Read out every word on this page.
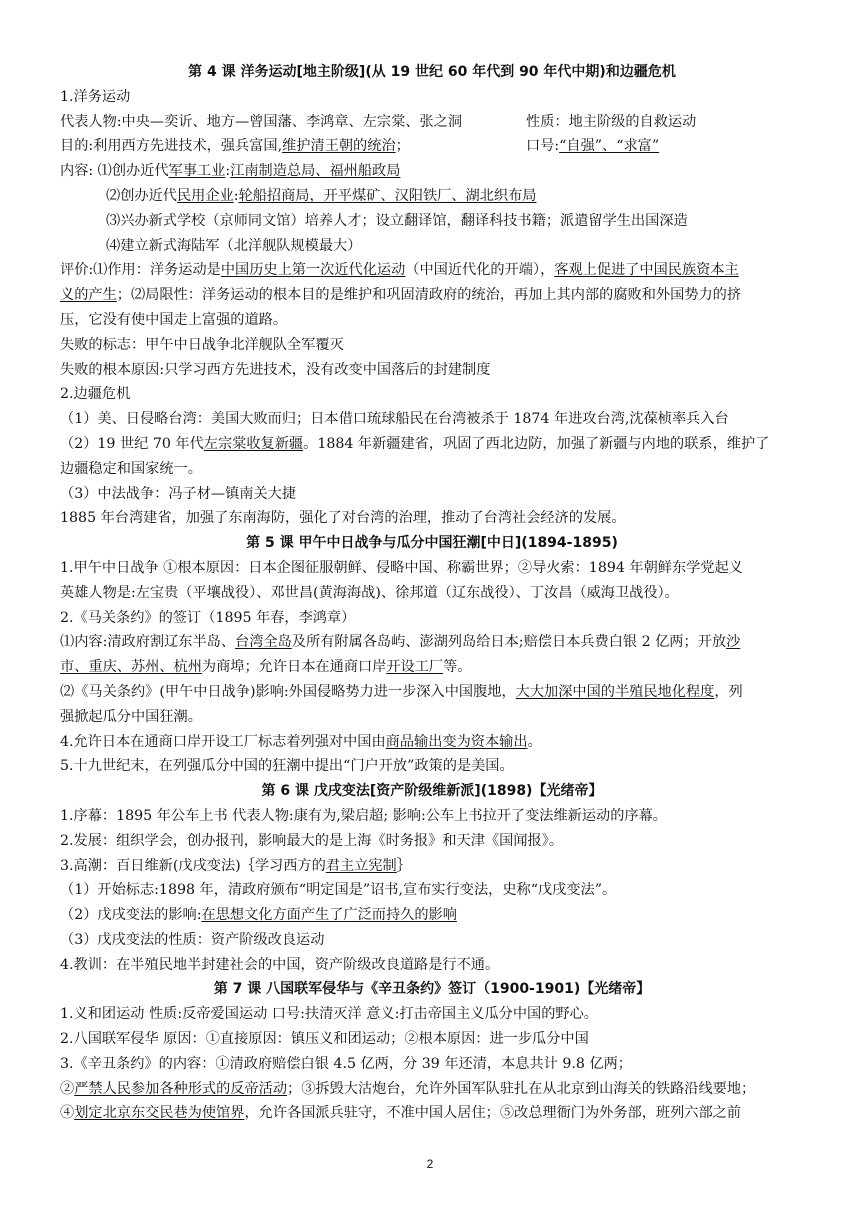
第 4 课 洋务运动[地主阶级](从 19 世纪 60 年代到 90 年代中期)和边疆危机
1.洋务运动
代表人物:中央—奕䜣、地方—曾国藩、李鸿章、左宗棠、张之洞	性质：地主阶级的自救运动
目的:利用西方先进技术，强兵富国,维护清王朝的统治；	口号:“自强”、“求富”
内容: ⑴创办近代军事工业:江南制造总局、福州船政局
⑵创办近代民用企业:轮船招商局，开平煤矿、汉阳铁厂、湖北织布局
⑶兴办新式学校（京师同文馆）培养人才；设立翻译馆，翻译科技书籍；派遣留学生出国深造
⑷建立新式海陆军（北洋舰队规模最大）
评价:⑴作用：洋务运动是中国历史上第一次近代化运动（中国近代化的开端），客观上促进了中国民族资本主
义的产生；⑵局限性：洋务运动的根本目的是维护和巩固清政府的统治，再加上其内部的腐败和外国势力的挤
压，它没有使中国走上富强的道路。
失败的标志：甲午中日战争北洋舰队全军覆灭
失败的根本原因:只学习西方先进技术，没有改变中国落后的封建制度
2.边疆危机
（1）美、日侵略台湾：美国大败而归；日本借口琉球船民在台湾被杀于 1874 年进攻台湾,沈葆桢率兵入台
（2）19 世纪 70 年代左宗棠收复新疆。1884 年新疆建省，巩固了西北边防，加强了新疆与内地的联系，维护了
边疆稳定和国家统一。
（3）中法战争：冯子材—镇南关大捷
1885 年台湾建省，加强了东南海防，强化了对台湾的治理，推动了台湾社会经济的发展。
第 5 课 甲午中日战争与瓜分中国狂潮[中日](1894-1895)
1.甲午中日战争 ①根本原因：日本企图征服朝鲜、侵略中国、称霸世界；②导火索：1894 年朝鲜东学党起义
英雄人物是:左宝贵（平壤战役）、邓世昌(黄海海战)、徐邦道（辽东战役）、丁汝昌（威海卫战役）。
2.《马关条约》的签订（1895 年春，李鸿章）
⑴内容:清政府割辽东半岛、台湾全岛及所有附属各岛屿、澎湖列岛给日本;赔偿日本兵费白银 2 亿两；开放沙
市、重庆、苏州、杭州为商埠；允许日本在通商口岸开设工厂等。
⑵《马关条约》(甲午中日战争)影响:外国侵略势力进一步深入中国腹地，大大加深中国的半殖民地化程度，列
强掀起瓜分中国狂潮。
4.允许日本在通商口岸开设工厂标志着列强对中国由商品输出变为资本输出。
5.十九世纪末，在列强瓜分中国的狂潮中提出“门户开放”政策的是美国。
第 6 课 戊戌变法[资产阶级维新派](1898)【光绪帝】
1.序幕：1895 年公车上书 代表人物:康有为,梁启超; 影响:公车上书拉开了变法维新运动的序幕。
2.发展：组织学会，创办报刊，影响最大的是上海《时务报》和天津《国闻报》。
3.高潮：百日维新(戊戌变法)｛学习西方的君主立宪制｝
（1）开始标志:1898 年，清政府颁布“明定国是”诏书,宣布实行变法，史称“戊戌变法”。
（2）戊戌变法的影响:在思想文化方面产生了广泛而持久的影响
（3）戊戌变法的性质：资产阶级改良运动
4.教训：在半殖民地半封建社会的中国，资产阶级改良道路是行不通。
第 7 课 八国联军侵华与《辛丑条约》签订（1900-1901)【光绪帝】
1.义和团运动 性质:反帝爱国运动 口号:扶清灭洋 意义:打击帝国主义瓜分中国的野心。
2.八国联军侵华 原因：①直接原因：镇压义和团运动；②根本原因：进一步瓜分中国
3.《辛丑条约》的内容：①清政府赔偿白银 4.5 亿两，分 39 年还清，本息共计 9.8 亿两；
②严禁人民参加各种形式的反帝活动；③拆毁大沽炮台，允许外国军队驻扎在从北京到山海关的铁路沿线要地；
④划定北京东交民巷为使馆界，允许各国派兵驻守，不准中国人居住；⑤改总理衙门为外务部，班列六部之前
2
